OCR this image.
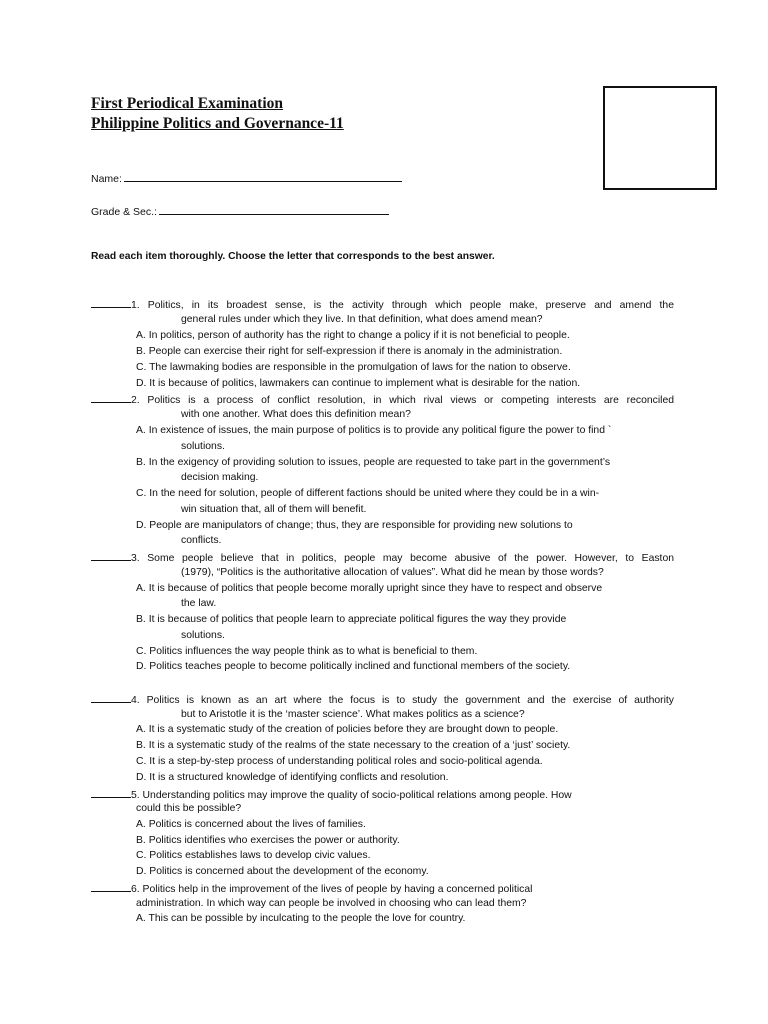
First Periodical Examination
Philippine Politics and Governance-11
Name:
Grade & Sec.:
Read each item thoroughly. Choose the letter that corresponds to the best answer.
1. Politics, in its broadest sense, is the activity through which people make, preserve and amend the
general rules under which they live. In that definition, what does amend mean?
A. In politics, person of authority has the right to change a policy if it is not beneficial to people.
B. People can exercise their right for self-expression if there is anomaly in the administration.
C. The lawmaking bodies are responsible in the promulgation of laws for the nation to observe.
D. It is because of politics, lawmakers can continue to implement what is desirable for the nation.
2. Politics is a process of conflict resolution, in which rival views or competing interests are reconciled
with one another. What does this definition mean?
A. In existence of issues, the main purpose of politics is to provide any political figure the power to find `
solutions.
B. In the exigency of providing solution to issues, people are requested to take part in the government’s
decision making.
C. In the need for solution, people of different factions should be united where they could be in a win-
win situation that, all of them will benefit.
D. People are manipulators of change; thus, they are responsible for providing new solutions to
conflicts.
3. Some people believe that in politics, people may become abusive of the power. However, to Easton
(1979), “Politics is the authoritative allocation of values”. What did he mean by those words?
A. It is because of politics that people become morally upright since they have to respect and observe
the law.
B. It is because of politics that people learn to appreciate political figures the way they provide
solutions.
C. Politics influences the way people think as to what is beneficial to them.
D. Politics teaches people to become politically inclined and functional members of the society.
4. Politics is known as an art where the focus is to study the government and the exercise of authority
but to Aristotle it is the ‘master science’. What makes politics as a science?
A. It is a systematic study of the creation of policies before they are brought down to people.
B. It is a systematic study of the realms of the state necessary to the creation of a ‘just’ society.
C. It is a step-by-step process of understanding political roles and socio-political agenda.
D. It is a structured knowledge of identifying conflicts and resolution.
5. Understanding politics may improve the quality of socio-political relations among people. How
could this be possible?
A. Politics is concerned about the lives of families.
B. Politics identifies who exercises the power or authority.
C. Politics establishes laws to develop civic values.
D. Politics is concerned about the development of the economy.
6. Politics help in the improvement of the lives of people by having a concerned political
administration. In which way can people be involved in choosing who can lead them?
A. This can be possible by inculcating to the people the love for country.
